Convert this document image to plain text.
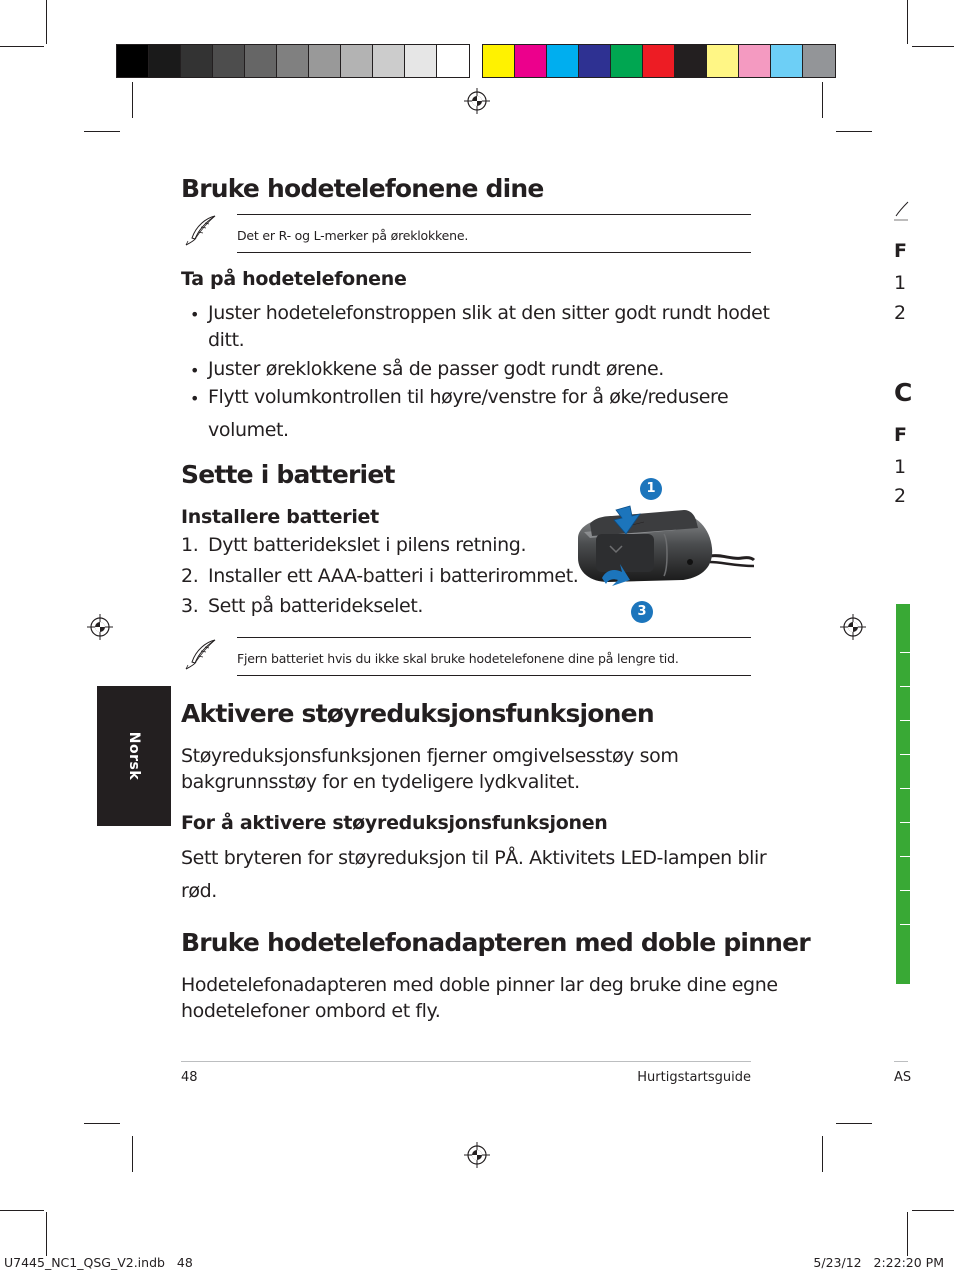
Bruke hodetelefonene dine
Det er R- og L-merker på øreklokkene.
Ta på hodetelefonene
• Juster hodetelefonstroppen slik at den sitter godt rundt hodet
ditt.
• Juster øreklokkene så de passer godt rundt ørene.
• Flytt volumkontrollen til høyre/venstre for å øke/redusere
volumet.
Sette i batteriet
Installere batteriet
1. Dytt batteridekslet i pilens retning.
2. Installer ett AAA-batteri i batterirommet.
3. Sett på batteridekselet.
1
3
Fjern batteriet hvis du ikke skal bruke hodetelefonene dine på lengre tid.
Aktivere støyreduksjonsfunksjonen
Støyreduksjonsfunksjonen fjerner omgivelsesstøy som
bakgrunnsstøy for en tydeligere lydkvalitet.
For å aktivere støyreduksjonsfunksjonen
Sett bryteren for støyreduksjon til PÅ. Aktivitets LED-lampen blir
rød.
Bruke hodetelefonadapteren med doble pinner
Hodetelefonadapteren med doble pinner lar deg bruke dine egne
hodetelefoner ombord et fly.
Norsk
F
1
2
C
F
1
2
48	Hurtigstartsguide	AS
U7445_NC1_QSG_V2.indb   48	5/23/12   2:22:20 PM
